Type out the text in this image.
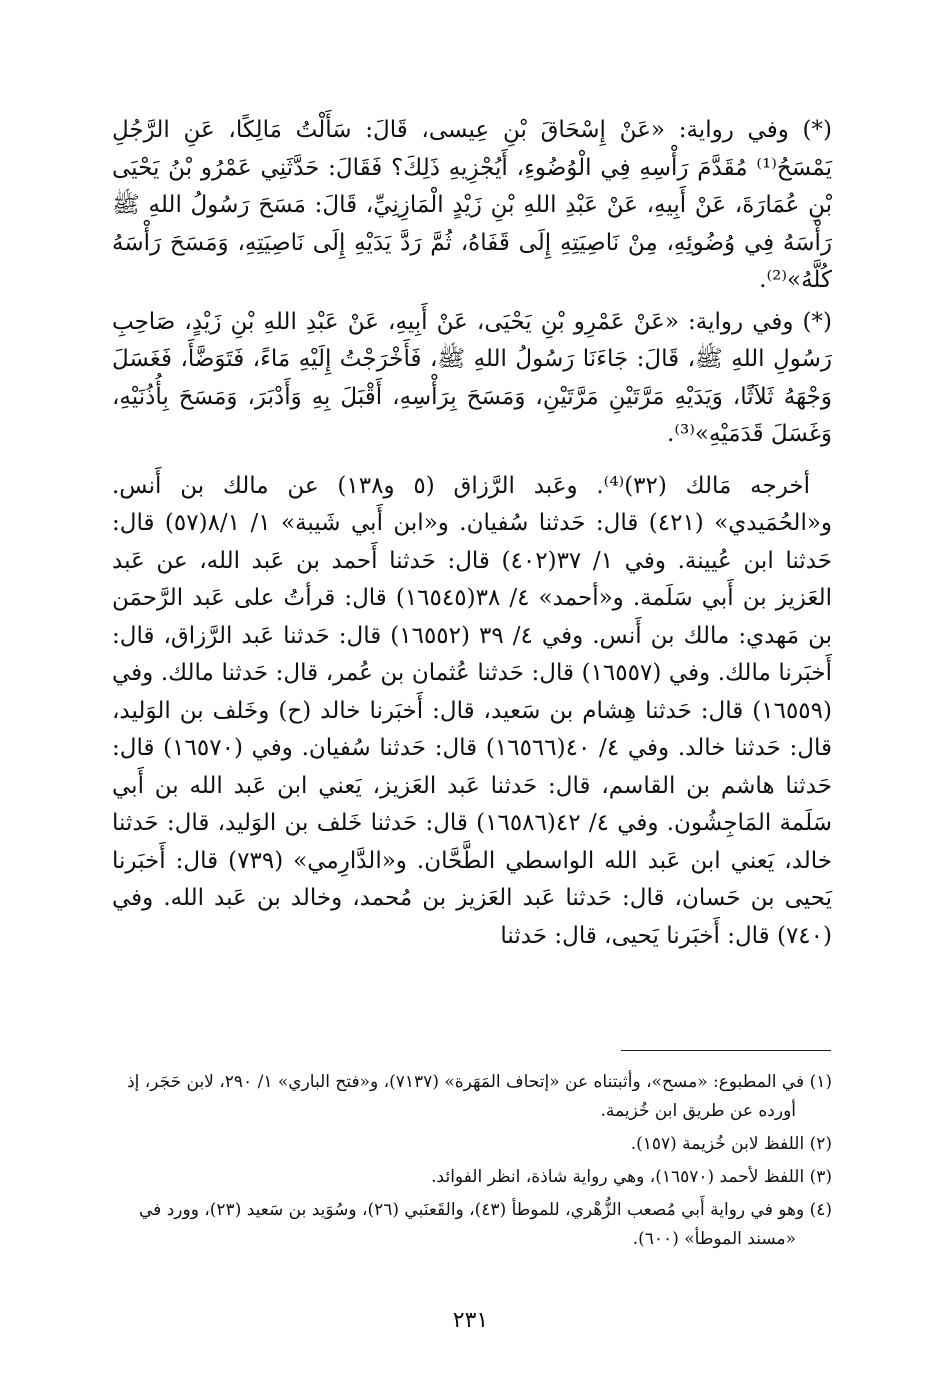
(*) وفي رواية: «عَنْ إِسْحَاقَ بْنِ عِيسى، قَالَ: سَأَلْتُ مَالِكًا، عَنِ الرَّجُلِ يَمْسَحُ⁽¹⁾ مُقَدَّمَ رَأْسِهِ فِي الْوُضُوءِ، أَيُجْزِيهِ ذَلِكَ؟ فَقَالَ: حَدَّثَنِي عَمْرُو بْنُ يَحْيَى بْنِ عُمَارَةَ، عَنْ أَبِيهِ، عَنْ عَبْدِ اللهِ بْنِ زَيْدٍ الْمَازِنِيِّ، قَالَ: مَسَحَ رَسُولُ اللهِ ﷺ رَأْسَهُ فِي وُضُوئِهِ، مِنْ نَاصِيَتِهِ إِلَى قَفَاهُ، ثُمَّ رَدَّ يَدَيْهِ إِلَى نَاصِيَتِهِ، وَمَسَحَ رَأْسَهُ كُلَّهُ»⁽²⁾.

(*) وفي رواية: «عَنْ عَمْرِو بْنِ يَحْيَى، عَنْ أَبِيهِ، عَنْ عَبْدِ اللهِ بْنِ زَيْدٍ، صَاحِبِ رَسُولِ اللهِ ﷺ، قَالَ: جَاءَنَا رَسُولُ اللهِ ﷺ، فَأَخْرَجْتُ إِلَيْهِ مَاءً، فَتَوَضَّأَ، فَغَسَلَ وَجْهَهُ ثَلاَثًا، وَيَدَيْهِ مَرَّتَيْنِ مَرَّتَيْنِ، وَمَسَحَ بِرَأْسِهِ، أَقْبَلَ بِهِ وَأَدْبَرَ، وَمَسَحَ بِأُذُنَيْهِ، وَغَسَلَ قَدَمَيْهِ»⁽³⁾.

أخرجه مَالك (٣٢)⁽⁴⁾. وعَبد الرَّزاق (٥ و١٣٨) عن مالك بن أَنس. و«الحُمَيدي» (٤٢١) قال: حَدثنا سُفيان. و«ابن أَبي شَيبة» ١/ ٨/١(٥٧) قال: حَدثنا ابن عُيينة. وفي ١/ ٣٧(٤٠٢) قال: حَدثنا أَحمد بن عَبد الله، عن عَبد العَزيز بن أَبي سَلَمة. و«أحمد» ٤/ ٣٨(١٦٥٤٥) قال: قرأتُ على عَبد الرَّحمَن بن مَهدي: مالك بن أَنس. وفي ٤/ ٣٩ (١٦٥٥٢) قال: حَدثنا عَبد الرَّزاق، قال: أَخبَرنا مالك. وفي (١٦٥٥٧) قال: حَدثنا عُثمان بن عُمر، قال: حَدثنا مالك. وفي (١٦٥٥٩) قال: حَدثنا هِشام بن سَعيد، قال: أَخبَرنا خالد (ح) وخَلف بن الوَليد، قال: حَدثنا خالد. وفي ٤/ ٤٠(١٦٥٦٦) قال: حَدثنا سُفيان. وفي (١٦٥٧٠) قال: حَدثنا هاشم بن القاسم، قال: حَدثنا عَبد العَزيز، يَعني ابن عَبد الله بن أَبي سَلَمة المَاجِشُون. وفي ٤/ ٤٢(١٦٥٨٦) قال: حَدثنا خَلف بن الوَليد، قال: حَدثنا خالد، يَعني ابن عَبد الله الواسطي الطَّحَّان. و«الدَّارِمي» (٧٣٩) قال: أَخبَرنا يَحيى بن حَسان، قال: حَدثنا عَبد العَزيز بن مُحمد، وخالد بن عَبد الله. وفي (٧٤٠) قال: أَخبَرنا يَحيى، قال: حَدثنا

(١) في المطبوع: «مسح»، وأثبتناه عن «إتحاف المَهَرة» (٧١٣٧)، و«فتح الباري» ١/ ٢٩٠، لابن حَجَر، إذ أورده عن طريق ابن خُزيمة.

(٢) اللفظ لابن خُزيمة (١٥٧).

(٣) اللفظ لأحمد (١٦٥٧٠)، وهي رواية شاذة، انظر الفوائد.

(٤) وهو في رواية أَبي مُصعب الزُّهْري، للموطأ (٤٣)، والقَعنَبي (٢٦)، وسُوَيد بن سَعيد (٢٣)، وورد في «مسند الموطأ» (٦٠٠).

٢٣١
